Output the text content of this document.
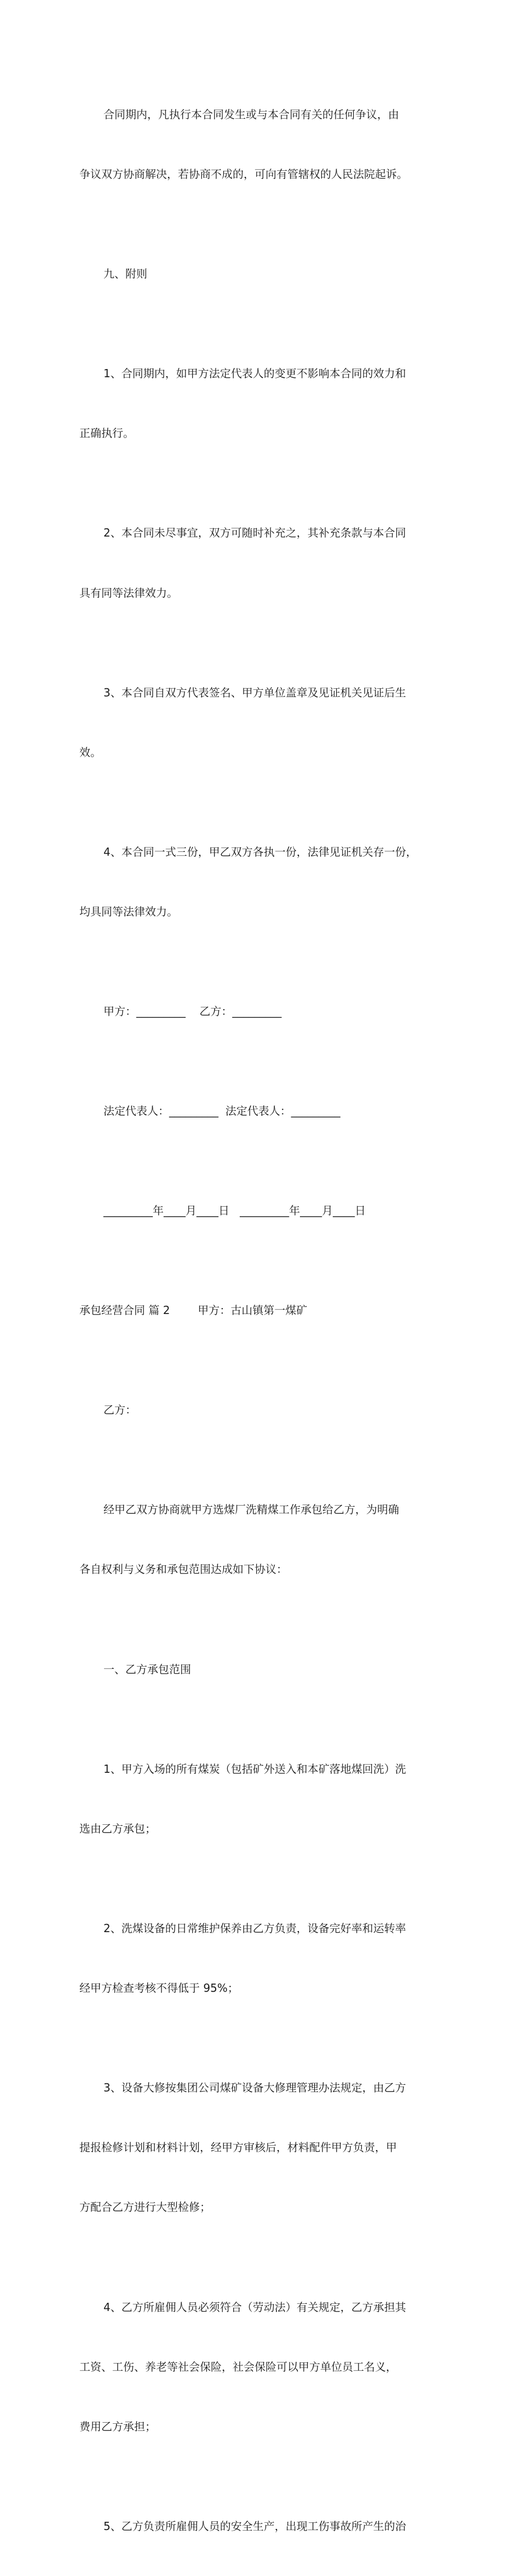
合同期内，凡执行本合同发生或与本合同有关的任何争议，由

争议双方协商解决，若协商不成的，可向有管辖权的人民法院起诉。

九、附则

1、合同期内，如甲方法定代表人的变更不影响本合同的效力和

正确执行。

2、本合同未尽事宜，双方可随时补充之，其补充条款与本合同

具有同等法律效力。

3、本合同自双方代表签名、甲方单位盖章及见证机关见证后生

效。

4、本合同一式三份，甲乙双方各执一份，法律见证机关存一份，

均具同等法律效力。

甲方：_________    乙方：_________

法定代表人：_________  法定代表人：_________

_________年____月____日   _________年____月____日

承包经营合同 篇 2        甲方：古山镇第一煤矿

乙方：

经甲乙双方协商就甲方选煤厂洗精煤工作承包给乙方，为明确

各自权利与义务和承包范围达成如下协议：

一、乙方承包范围

1、甲方入场的所有煤炭（包括矿外送入和本矿落地煤回洗）洗

选由乙方承包；

2、洗煤设备的日常维护保养由乙方负责，设备完好率和运转率

经甲方检查考核不得低于 95%；

3、设备大修按集团公司煤矿设备大修理管理办法规定，由乙方

提报检修计划和材料计划，经甲方审核后，材料配件甲方负责，甲

方配合乙方进行大型检修；

4、乙方所雇佣人员必须符合（劳动法）有关规定，乙方承担其

工资、工伤、养老等社会保险，社会保险可以甲方单位员工名义，

费用乙方承担；

5、乙方负责所雇佣人员的安全生产，出现工伤事故所产生的治
